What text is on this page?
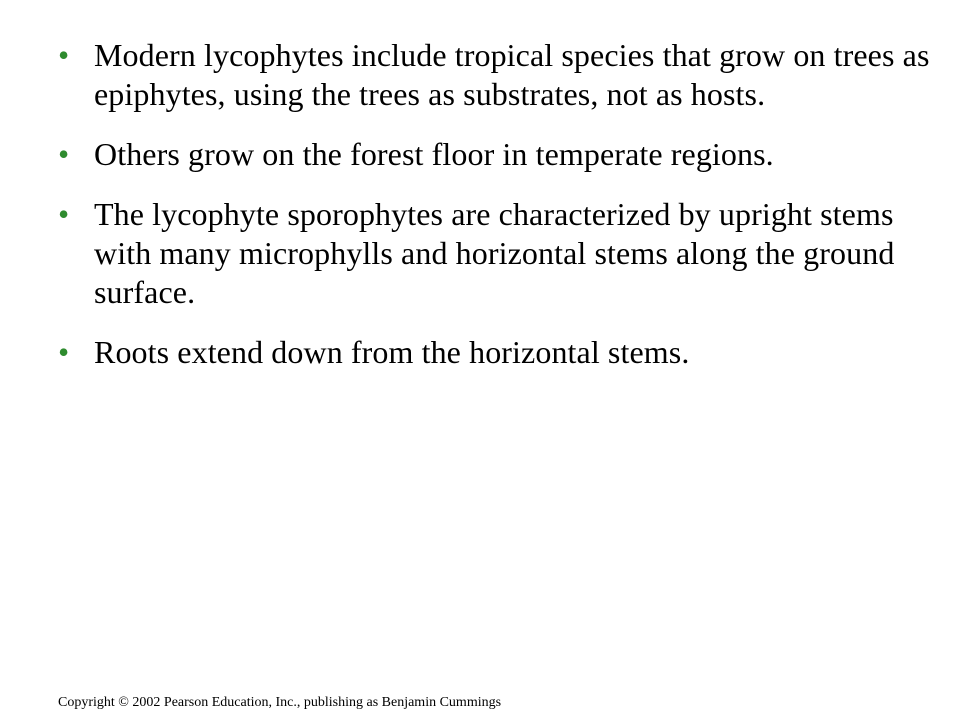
• Modern lycophytes include tropical species that grow on trees as epiphytes, using the trees as substrates, not as hosts.
• Others grow on the forest floor in temperate regions.
• The lycophyte sporophytes are characterized by upright stems with many microphylls and horizontal stems along the ground surface.
• Roots extend down from the horizontal stems.
Copyright © 2002 Pearson Education, Inc., publishing as Benjamin Cummings
